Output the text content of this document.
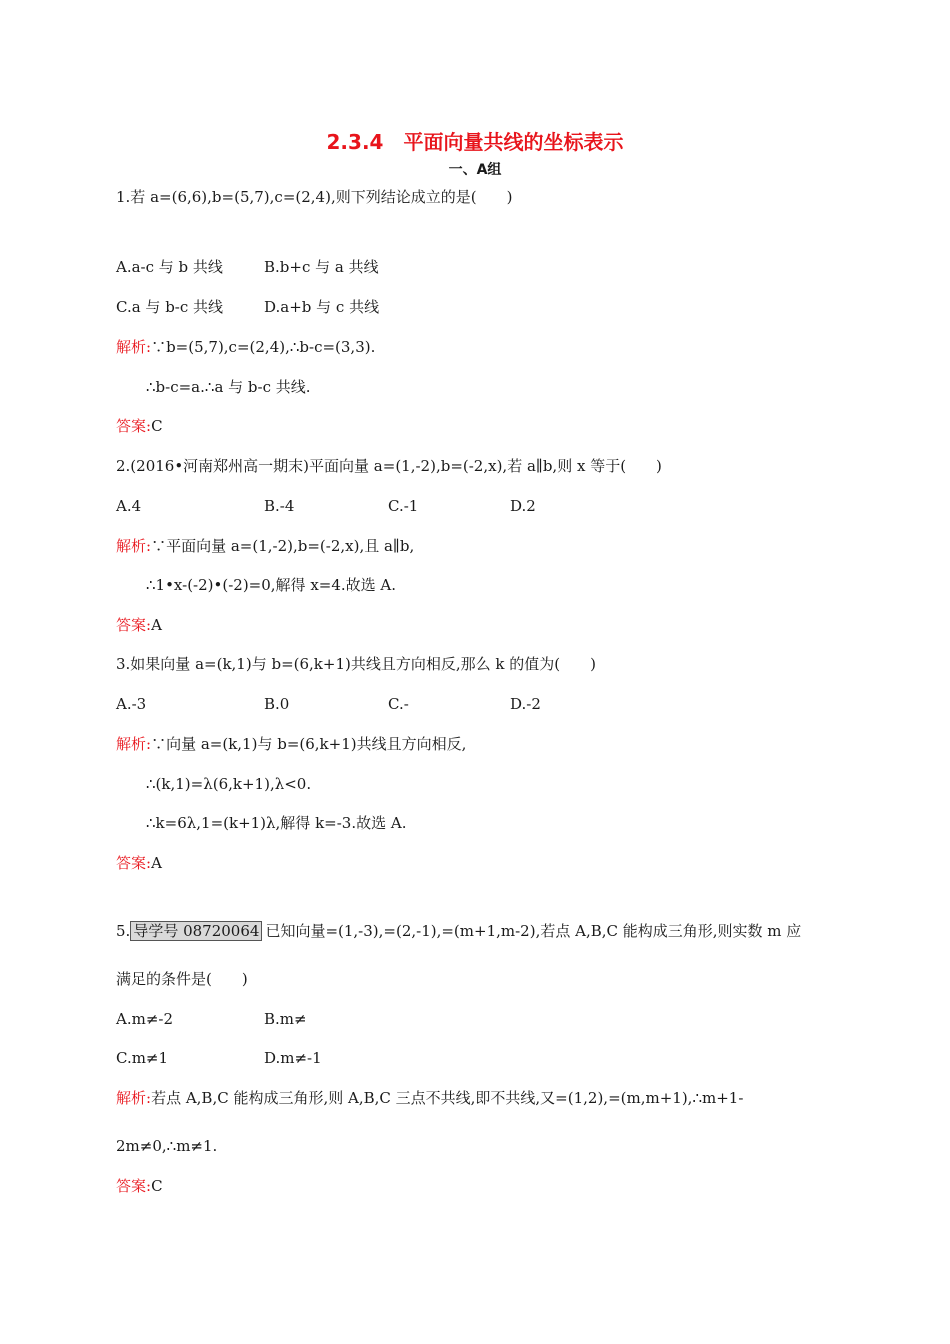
2.3.4　平面向量共线的坐标表示
一、A组
1.若 a=(6,6),b=(5,7),c=(2,4),则下列结论成立的是(　　)
A.a-c 与 b 共线	B.b+c 与 a 共线
C.a 与 b-c 共线	D.a+b 与 c 共线
解析:∵b=(5,7),c=(2,4),∴b-c=(3,3).
∴b-c=a.∴a 与 b-c 共线.
答案:C
2.(2016•河南郑州高一期末)平面向量 a=(1,-2),b=(-2,x),若 a∥b,则 x 等于(　　)
A.4	B.-4	C.-1	D.2
解析:∵平面向量 a=(1,-2),b=(-2,x),且 a∥b,
∴1•x-(-2)•(-2)=0,解得 x=4.故选 A.
答案:A
3.如果向量 a=(k,1)与 b=(6,k+1)共线且方向相反,那么 k 的值为(　　)
A.-3	B.0	C.-	D.-2
解析:∵向量 a=(k,1)与 b=(6,k+1)共线且方向相反,
∴(k,1)=λ(6,k+1),λ<0.
∴k=6λ,1=(k+1)λ,解得 k=-3.故选 A.
答案:A
5. 导学号 08720064 已知向量=(1,-3),=(2,-1),=(m+1,m-2),若点 A,B,C 能构成三角形,则实数 m 应
满足的条件是(　　)
A.m≠-2	B.m≠
C.m≠1	D.m≠-1
解析:若点 A,B,C 能构成三角形,则 A,B,C 三点不共线,即不共线,又=(1,2),=(m,m+1),∴m+1-
2m≠0,∴m≠1.
答案:C
